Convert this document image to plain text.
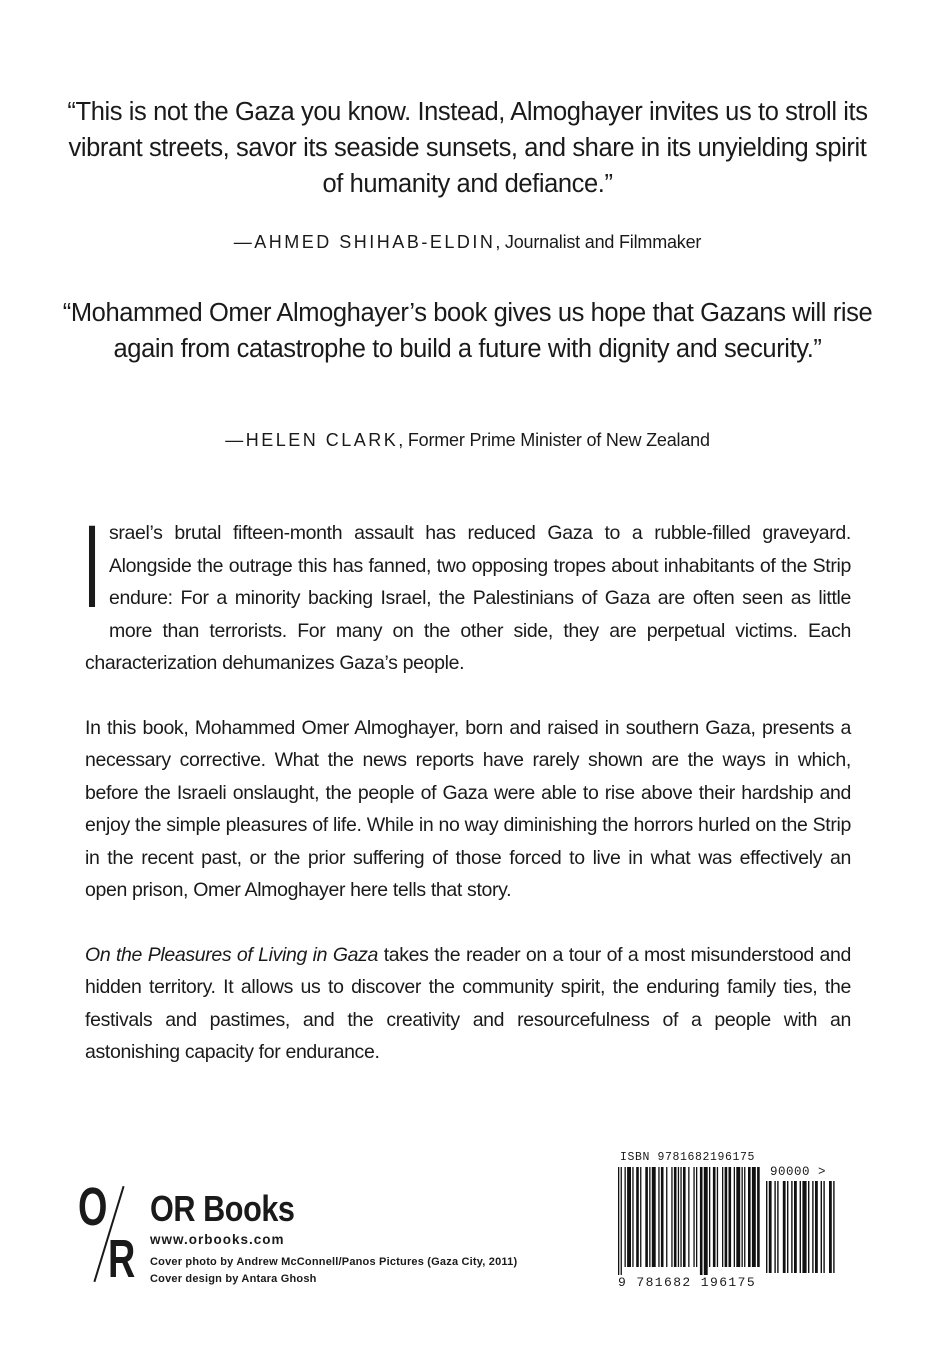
“This is not the Gaza you know. Instead, Almoghayer invites us to stroll its vibrant streets, savor its seaside sunsets, and share in its unyielding spirit of humanity and defiance.”
—AHMED SHIHAB-ELDIN, Journalist and Filmmaker
“Mohammed Omer Almoghayer’s book gives us hope that Gazans will rise again from catastrophe to build a future with dignity and security.”
—HELEN CLARK, Former Prime Minister of New Zealand

Israel’s brutal fifteen-month assault has reduced Gaza to a rubble-filled graveyard. Alongside the outrage this has fanned, two opposing tropes about inhabitants of the Strip endure: For a minority backing Israel, the Palestinians of Gaza are often seen as little more than terrorists. For many on the other side, they are perpetual victims. Each characterization dehumanizes Gaza’s people.

In this book, Mohammed Omer Almoghayer, born and raised in southern Gaza, presents a necessary corrective. What the news reports have rarely shown are the ways in which, before the Israeli onslaught, the people of Gaza were able to rise above their hardship and enjoy the simple pleasures of life. While in no way diminishing the horrors hurled on the Strip in the recent past, or the prior suffering of those forced to live in what was effectively an open prison, Omer Almoghayer here tells that story.

On the Pleasures of Living in Gaza takes the reader on a tour of a most misunderstood and hidden territory. It allows us to discover the community spirit, the enduring family ties, the festivals and pastimes, and the creativity and resourcefulness of a people with an astonishing capacity for endurance.

O
R
OR Books
www.orbooks.com
Cover photo by Andrew McConnell/Panos Pictures (Gaza City, 2011)
Cover design by Antara Ghosh
ISBN 9781682196175
90000 >
9 781682 196175
